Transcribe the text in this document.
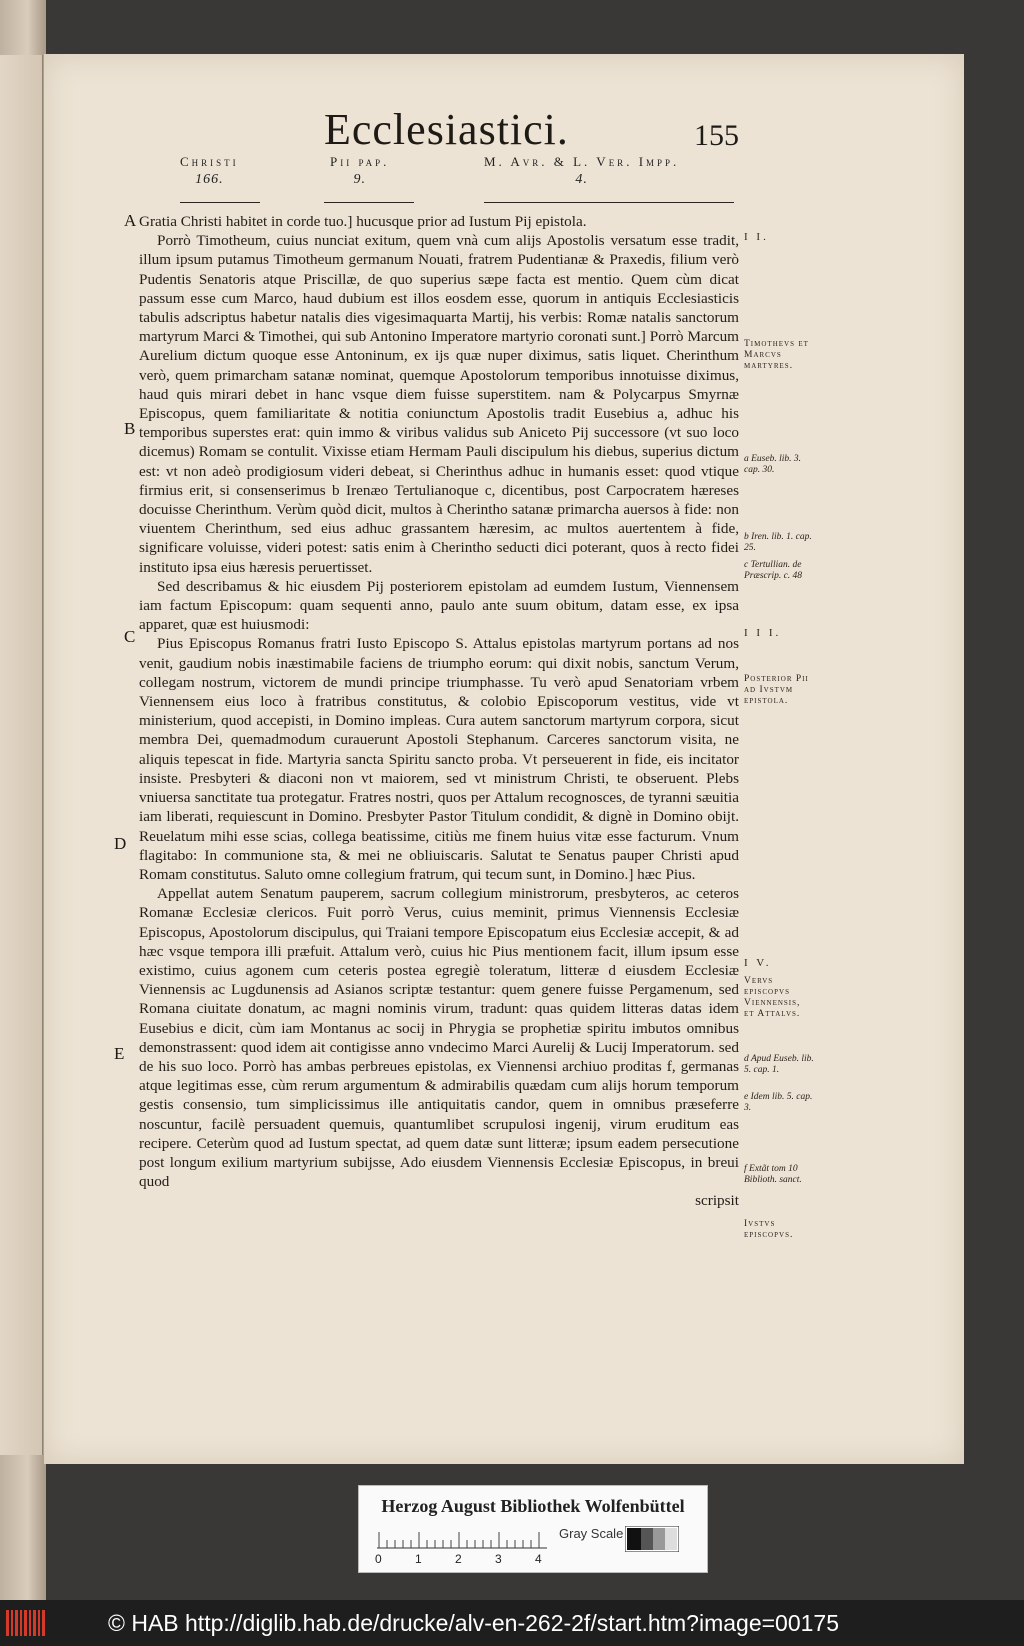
Ecclesiastici.	155
Christi
166.
Pii pap.
9.
M. Avr. & L. Ver. Impp.
4.
A
B
C
D
E

Gratia Christi habitet in corde tuo.] hucusque prior ad Iustum Pij epistola.

Porrò Timotheum, cuius nunciat exitum, quem vnà cum alijs Apostolis versatum esse tradit, illum ipsum putamus Timotheum germanum Nouati, fratrem Pudentianæ & Praxedis, filium verò Pudentis Senatoris atque Priscillæ, de quo superius sæpe facta est mentio. Quem cùm dicat passum esse cum Marco, haud dubium est illos eosdem esse, quorum in antiquis Ecclesiasticis tabulis adscriptus habetur natalis dies vigesimaquarta Martij, his verbis: Romæ natalis sanctorum martyrum Marci & Timothei, qui sub Antonino Imperatore martyrio coronati sunt.] Porrò Marcum Aurelium dictum quoque esse Antoninum, ex ijs quæ nuper diximus, satis liquet. Cherinthum verò, quem primarcham satanæ nominat, quemque Apostolorum temporibus innotuisse diximus, haud quis mirari debet in hanc vsque diem fuisse superstitem. nam & Polycarpus Smyrnæ Episcopus, quem familiaritate & notitia coniunctum Apostolis tradit Eusebius a, adhuc his temporibus superstes erat: quin immo & viribus validus sub Aniceto Pij successore (vt suo loco dicemus) Romam se contulit. Vixisse etiam Hermam Pauli discipulum his diebus, superius dictum est: vt non adeò prodigiosum videri debeat, si Cherinthus adhuc in humanis esset: quod vtique firmius erit, si consenserimus b Irenæo Tertulianoque c, dicentibus, post Carpocratem hæreses docuisse Cherinthum. Verùm quòd dicit, multos à Cherintho satanæ primarcha auersos à fide: non viuentem Cherinthum, sed eius adhuc grassantem hæresim, ac multos auertentem à fide, significare voluisse, videri potest: satis enim à Cherintho seducti dici poterant, quos à recto fidei instituto ipsa eius hæresis peruertisset.

Sed describamus & hic eiusdem Pij posteriorem epistolam ad eumdem Iustum, Viennensem iam factum Episcopum: quam sequenti anno, paulo ante suum obitum, datam esse, ex ipsa apparet, quæ est huiusmodi:

Pius Episcopus Romanus fratri Iusto Episcopo S. Attalus epistolas martyrum portans ad nos venit, gaudium nobis inæstimabile faciens de triumpho eorum: qui dixit nobis, sanctum Verum, collegam nostrum, victorem de mundi principe triumphasse. Tu verò apud Senatoriam vrbem Viennensem eius loco à fratribus constitutus, & colobio Episcoporum vestitus, vide vt ministerium, quod accepisti, in Domino impleas. Cura autem sanctorum martyrum corpora, sicut membra Dei, quemadmodum curauerunt Apostoli Stephanum. Carceres sanctorum visita, ne aliquis tepescat in fide. Martyria sancta Spiritu sancto proba. Vt perseuerent in fide, eis incitator insiste. Presbyteri & diaconi non vt maiorem, sed vt ministrum Christi, te obseruent. Plebs vniuersa sanctitate tua protegatur. Fratres nostri, quos per Attalum recognosces, de tyranni sæuitia iam liberati, requiescunt in Domino. Presbyter Pastor Titulum condidit, & dignè in Domino obijt. Reuelatum mihi esse scias, collega beatissime, citiùs me finem huius vitæ esse facturum. Vnum flagitabo: In communione sta, & mei ne obliuiscaris. Salutat te Senatus pauper Christi apud Romam constitutus. Saluto omne collegium fratrum, qui tecum sunt, in Domino.] hæc Pius.

Appellat autem Senatum pauperem, sacrum collegium ministrorum, presbyteros, ac ceteros Romanæ Ecclesiæ clericos. Fuit porrò Verus, cuius meminit, primus Viennensis Ecclesiæ Episcopus, Apostolorum discipulus, qui Traiani tempore Episcopatum eius Ecclesiæ accepit, & ad hæc vsque tempora illi præfuit. Attalum verò, cuius hic Pius mentionem facit, illum ipsum esse existimo, cuius agonem cum ceteris postea egregiè toleratum, litteræ d eiusdem Ecclesiæ Viennensis ac Lugdunensis ad Asianos scriptæ testantur: quem genere fuisse Pergamenum, sed Romana ciuitate donatum, ac magni nominis virum, tradunt: quas quidem litteras datas idem Eusebius e dicit, cùm iam Montanus ac socij in Phrygia se prophetiæ spiritu imbutos omnibus demonstrassent: quod idem ait contigisse anno vndecimo Marci Aurelij & Lucij Imperatorum. sed de his suo loco. Porrò has ambas perbreues epistolas, ex Viennensi archiuo proditas f, germanas atque legitimas esse, cùm rerum argumentum & admirabilis quædam cum alijs horum temporum gestis consensio, tum simplicissimus ille antiquitatis candor, quem in omnibus præseferre noscuntur, facilè persuadent quemuis, quantumlibet scrupulosi ingenij, virum eruditum eas recipere. Ceterùm quod ad Iustum spectat, ad quem datæ sunt litteræ; ipsum eadem persecutione post longum exilium martyrium subijsse, Ado eiusdem Viennensis Ecclesiæ Episcopus, in breui quod

scripsit

I I.
Timothevs et Marcvs martyres.
a Euseb. lib. 3. cap. 30.
b Iren. lib. 1. cap. 25.
c Tertullian. de Præscrip. c. 48
I I I.
Posterior Pii ad Ivstvm epistola.
I V.
Vervs episcopvs Viennensis, et Attalvs.
d Apud Euseb. lib. 5. cap. 1.
e Idem lib. 5. cap. 3.
f Extãt tom 10 Biblioth. sanct.
Ivstvs episcopvs.
Herzog August Bibliothek Wolfenbüttel
Gray Scale
0	1	2	3	4
© HAB http://diglib.hab.de/drucke/alv-en-262-2f/start.htm?image=00175
